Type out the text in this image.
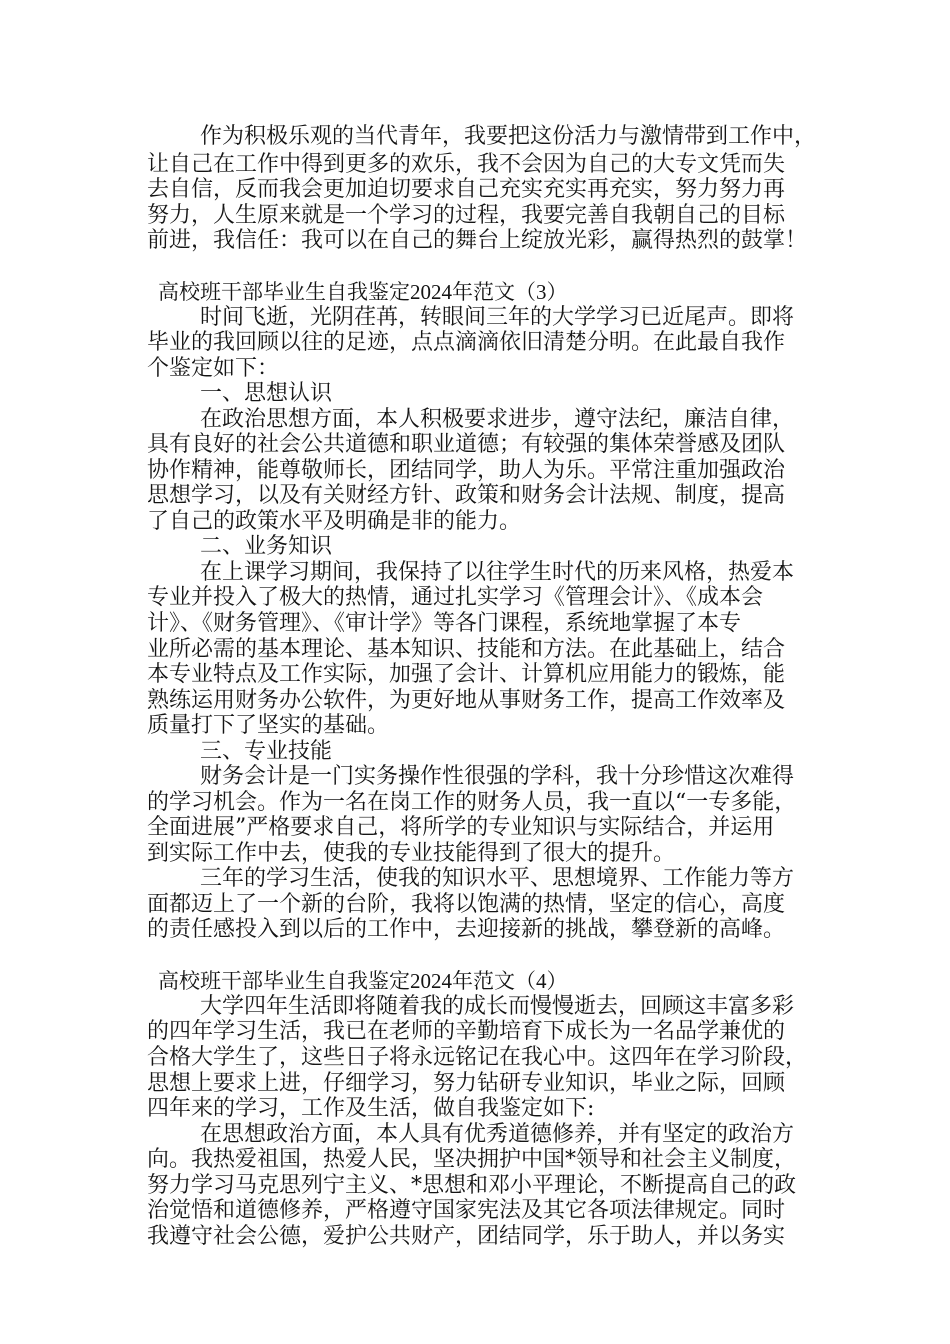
作为积极乐观的当代青年，我要把这份活力与激情带到工作中，

让自己在工作中得到更多的欢乐，我不会因为自己的大专文凭而失

去自信，反而我会更加迫切要求自己充实充实再充实，努力努力再

努力，人生原来就是一个学习的过程，我要完善自我朝自己的目标

前进，我信任：我可以在自己的舞台上绽放光彩，赢得热烈的鼓掌！

高校班干部毕业生自我鉴定2024年范文（3）

时间飞逝，光阴荏苒，转眼间三年的大学学习已近尾声。即将

毕业的我回顾以往的足迹，点点滴滴依旧清楚分明。在此最自我作

个鉴定如下：

一、思想认识

在政治思想方面，本人积极要求进步，遵守法纪，廉洁自律，

具有良好的社会公共道德和职业道德；有较强的集体荣誉感及团队

协作精神，能尊敬师长，团结同学，助人为乐。平常注重加强政治

思想学习，以及有关财经方针、政策和财务会计法规、制度，提高

了自己的政策水平及明确是非的能力。

二、业务知识

在上课学习期间，我保持了以往学生时代的历来风格，热爱本

专业并投入了极大的热情，通过扎实学习《管理会计》、《成本会

计》、《财务管理》、《审计学》等各门课程，系统地掌握了本专

业所必需的基本理论、基本知识、技能和方法。在此基础上，结合

本专业特点及工作实际，加强了会计、计算机应用能力的锻炼，能

熟练运用财务办公软件，为更好地从事财务工作，提高工作效率及

质量打下了坚实的基础。

三、专业技能

财务会计是一门实务操作性很强的学科，我十分珍惜这次难得

的学习机会。作为一名在岗工作的财务人员，我一直以“一专多能，

全面进展”严格要求自己，将所学的专业知识与实际结合，并运用

到实际工作中去，使我的专业技能得到了很大的提升。

三年的学习生活，使我的知识水平、思想境界、工作能力等方

面都迈上了一个新的台阶，我将以饱满的热情，坚定的信心，高度

的责任感投入到以后的工作中，去迎接新的挑战，攀登新的高峰。

高校班干部毕业生自我鉴定2024年范文（4）

大学四年生活即将随着我的成长而慢慢逝去，回顾这丰富多彩

的四年学习生活，我已在老师的辛勤培育下成长为一名品学兼优的

合格大学生了，这些日子将永远铭记在我心中。这四年在学习阶段，

思想上要求上进，仔细学习，努力钻研专业知识，毕业之际，回顾

四年来的学习，工作及生活，做自我鉴定如下:

在思想政治方面，本人具有优秀道德修养，并有坚定的政治方

向。我热爱祖国，热爱人民，坚决拥护中国*领导和社会主义制度，

努力学习马克思列宁主义、*思想和邓小平理论，不断提高自己的政

治觉悟和道德修养，严格遵守国家宪法及其它各项法律规定。同时

我遵守社会公德，爱护公共财产，团结同学，乐于助人，并以务实
